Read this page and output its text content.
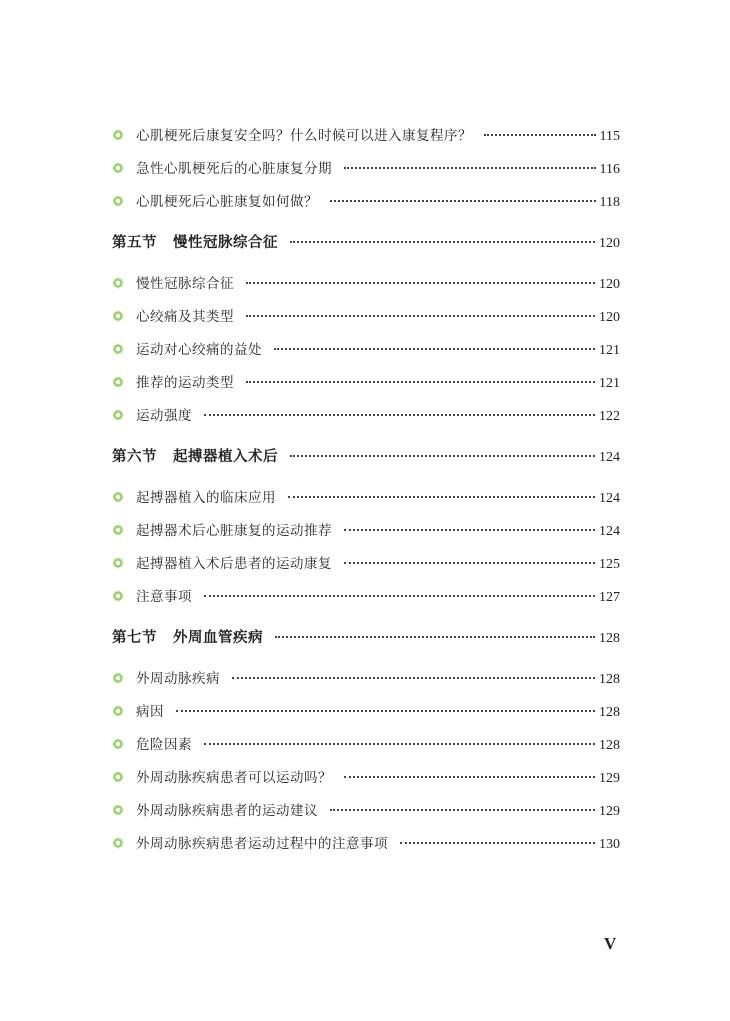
心肌梗死后康复安全吗？什么时候可以进入康复程序？	115
急性心肌梗死后的心脏康复分期	116
心肌梗死后心脏康复如何做？	118
第五节 慢性冠脉综合征	120
慢性冠脉综合征	120
心绞痛及其类型	120
运动对心绞痛的益处	121
推荐的运动类型	121
运动强度	122
第六节 起搏器植入术后	124
起搏器植入的临床应用	124
起搏器术后心脏康复的运动推荐	124
起搏器植入术后患者的运动康复	125
注意事项	127
第七节 外周血管疾病	128
外周动脉疾病	128
病因	128
危险因素	128
外周动脉疾病患者可以运动吗？	129
外周动脉疾病患者的运动建议	129
外周动脉疾病患者运动过程中的注意事项	130
V
